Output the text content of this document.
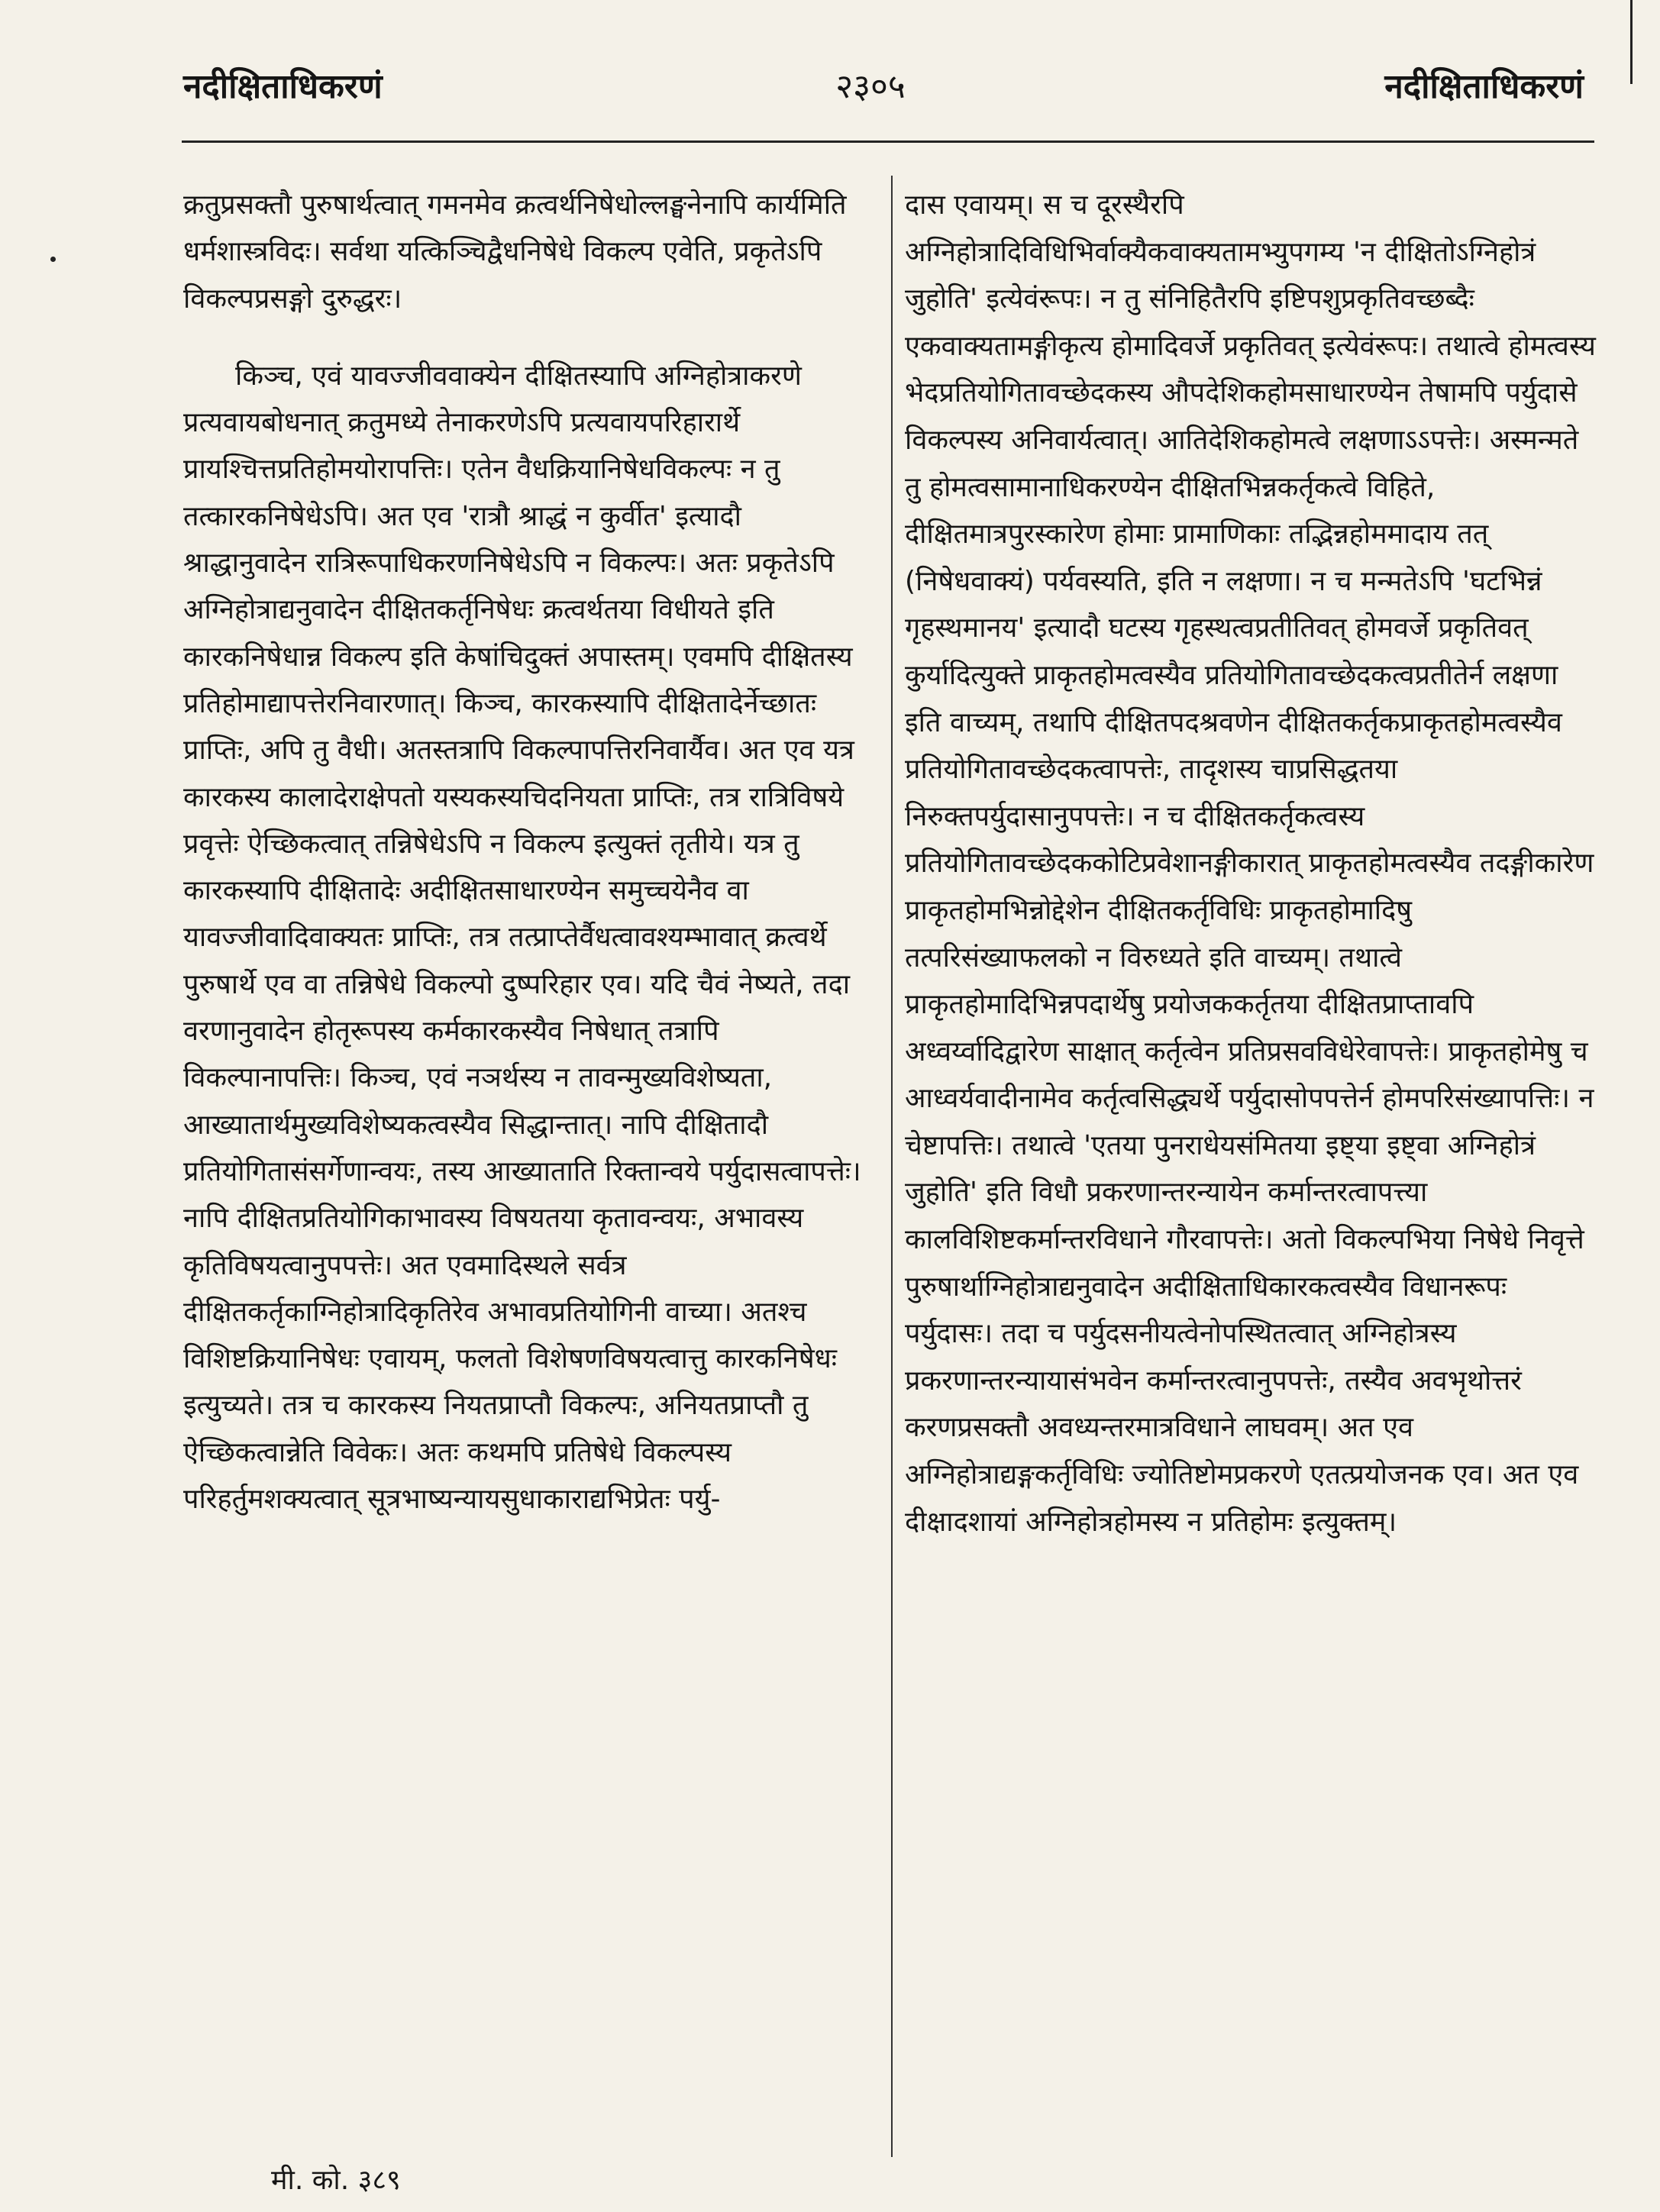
नदीक्षिताधिकरणं	२३०५	नदीक्षिताधिकरणं

क्रतुप्रसक्तौ पुरुषार्थत्वात् गमनमेव क्रत्वर्थनिषेधोल्लङ्घनेनापि कार्यमिति धर्मशास्त्रविदः। सर्वथा यत्किञ्चिद्वैधनिषेधे विकल्प एवेति, प्रकृतेऽपि विकल्पप्रसङ्गो दुरुद्धरः।

किञ्च, एवं यावज्जीववाक्येन दीक्षितस्यापि अग्निहोत्राकरणे प्रत्यवायबोधनात् क्रतुमध्ये तेनाकरणेऽपि प्रत्यवायपरिहारार्थे प्रायश्चित्तप्रतिहोमयोरापत्तिः। एतेन वैधक्रियानिषेधविकल्पः न तु तत्कारकनिषेधेऽपि। अत एव 'रात्रौ श्राद्धं न कुर्वीत' इत्यादौ श्राद्धानुवादेन रात्रिरूपाधिकरणनिषेधेऽपि न विकल्पः। अतः प्रकृतेऽपि अग्निहोत्राद्यनुवादेन दीक्षितकर्तृनिषेधः क्रत्वर्थतया विधीयते इति कारकनिषेधान्न विकल्प इति केषांचिदुक्तं अपास्तम्। एवमपि दीक्षितस्य प्रतिहोमाद्यापत्तेरनिवारणात्। किञ्च, कारकस्यापि दीक्षितादेर्नेच्छातः प्राप्तिः, अपि तु वैधी। अतस्तत्रापि विकल्पापत्तिरनिवार्यैव। अत एव यत्र कारकस्य कालादेराक्षेपतो यस्यकस्यचिदनियता प्राप्तिः, तत्र रात्रिविषये प्रवृत्तेः ऐच्छिकत्वात् तन्निषेधेऽपि न विकल्प इत्युक्तं तृतीये। यत्र तु कारकस्यापि दीक्षितादेः अदीक्षितसाधारण्येन समुच्चयेनैव वा यावज्जीवादिवाक्यतः प्राप्तिः, तत्र तत्प्राप्तेर्वैधत्वावश्यम्भावात् क्रत्वर्थे पुरुषार्थे एव वा तन्निषेधे विकल्पो दुष्परिहार एव। यदि चैवं नेष्यते, तदा वरणानुवादेन होतृरूपस्य कर्मकारकस्यैव निषेधात् तत्रापि विकल्पानापत्तिः। किञ्च, एवं नञर्थस्य न तावन्मुख्यविशेष्यता, आख्यातार्थमुख्यविशेष्यकत्वस्यैव सिद्धान्तात्। नापि दीक्षितादौ प्रतियोगितासंसर्गेणान्वयः, तस्य आख्याताति रिक्तान्वये पर्युदासत्वापत्तेः। नापि दीक्षितप्रतियोगिकाभावस्य विषयतया कृतावन्वयः, अभावस्य कृतिविषयत्वानुपपत्तेः। अत एवमादिस्थले सर्वत्र दीक्षितकर्तृकाग्निहोत्रादिकृतिरेव अभावप्रतियोगिनी वाच्या। अतश्च विशिष्टक्रियानिषेधः एवायम्, फलतो विशेषणविषयत्वात्तु कारकनिषेधः इत्युच्यते। तत्र च कारकस्य नियतप्राप्तौ विकल्पः, अनियतप्राप्तौ तु ऐच्छिकत्वान्नेति विवेकः। अतः कथमपि प्रतिषेधे विकल्पस्य परिहर्तुमशक्यत्वात् सूत्रभाष्यन्यायसुधाकाराद्यभिप्रेतः पर्यु-

दास एवायम्। स च दूरस्थैरपि अग्निहोत्रादिविधिभिर्वाक्यैकवाक्यतामभ्युपगम्य 'न दीक्षितोऽग्निहोत्रं जुहोति' इत्येवंरूपः। न तु संनिहितैरपि इष्टिपशुप्रकृतिवच्छब्दैः एकवाक्यतामङ्गीकृत्य होमादिवर्जे प्रकृतिवत् इत्येवंरूपः। तथात्वे होमत्वस्य भेदप्रतियोगितावच्छेदकस्य औपदेशिकहोमसाधारण्येन तेषामपि पर्युदासे विकल्पस्य अनिवार्यत्वात्। आतिदेशिकहोमत्वे लक्षणाऽऽपत्तेः। अस्मन्मते तु होमत्वसामानाधिकरण्येन दीक्षितभिन्नकर्तृकत्वे विहिते, दीक्षितमात्रपुरस्कारेण होमाः प्रामाणिकाः तद्भिन्नहोममादाय तत् (निषेधवाक्यं) पर्यवस्यति, इति न लक्षणा। न च मन्मतेऽपि 'घटभिन्नं गृहस्थमानय' इत्यादौ घटस्य गृहस्थत्वप्रतीतिवत् होमवर्जे प्रकृतिवत् कुर्यादित्युक्ते प्राकृतहोमत्वस्यैव प्रतियोगितावच्छेदकत्वप्रतीतेर्न लक्षणा इति वाच्यम्, तथापि दीक्षितपदश्रवणेन दीक्षितकर्तृकप्राकृतहोमत्वस्यैव प्रतियोगितावच्छेदकत्वापत्तेः, तादृशस्य चाप्रसिद्धतया निरुक्तपर्युदासानुपपत्तेः। न च दीक्षितकर्तृकत्वस्य प्रतियोगितावच्छेदककोटिप्रवेशानङ्गीकारात् प्राकृतहोमत्वस्यैव तदङ्गीकारेण प्राकृतहोमभिन्नोद्देशेन दीक्षितकर्तृविधिः प्राकृतहोमादिषु तत्परिसंख्याफलको न विरुध्यते इति वाच्यम्। तथात्वे प्राकृतहोमादिभिन्नपदार्थेषु प्रयोजककर्तृतया दीक्षितप्राप्तावपि अध्वर्य्वादिद्वारेण साक्षात् कर्तृत्वेन प्रतिप्रसवविधेरेवापत्तेः। प्राकृतहोमेषु च आध्वर्यवादीनामेव कर्तृत्वसिद्ध्यर्थे पर्युदासोपपत्तेर्न होमपरिसंख्यापत्तिः। न चेष्टापत्तिः। तथात्वे 'एतया पुनराधेयसंमितया इष्ट्या इष्ट्वा अग्निहोत्रं जुहोति' इति विधौ प्रकरणान्तरन्यायेन कर्मान्तरत्वापत्त्या कालविशिष्टकर्मान्तरविधाने गौरवापत्तेः। अतो विकल्पभिया निषेधे निवृत्ते पुरुषार्थाग्निहोत्राद्यनुवादेन अदीक्षिताधिकारकत्वस्यैव विधानरूपः पर्युदासः। तदा च पर्युदसनीयत्वेनोपस्थितत्वात् अग्निहोत्रस्य प्रकरणान्तरन्यायासंभवेन कर्मान्तरत्वानुपपत्तेः, तस्यैव अवभृथोत्तरं करणप्रसक्तौ अवध्यन्तरमात्रविधाने लाघवम्। अत एव अग्निहोत्राद्यङ्गकर्तृविधिः ज्योतिष्टोमप्रकरणे एतत्प्रयोजनक एव। अत एव दीक्षादशायां अग्निहोत्रहोमस्य न प्रतिहोमः इत्युक्तम्।

मी. को. ३८९
